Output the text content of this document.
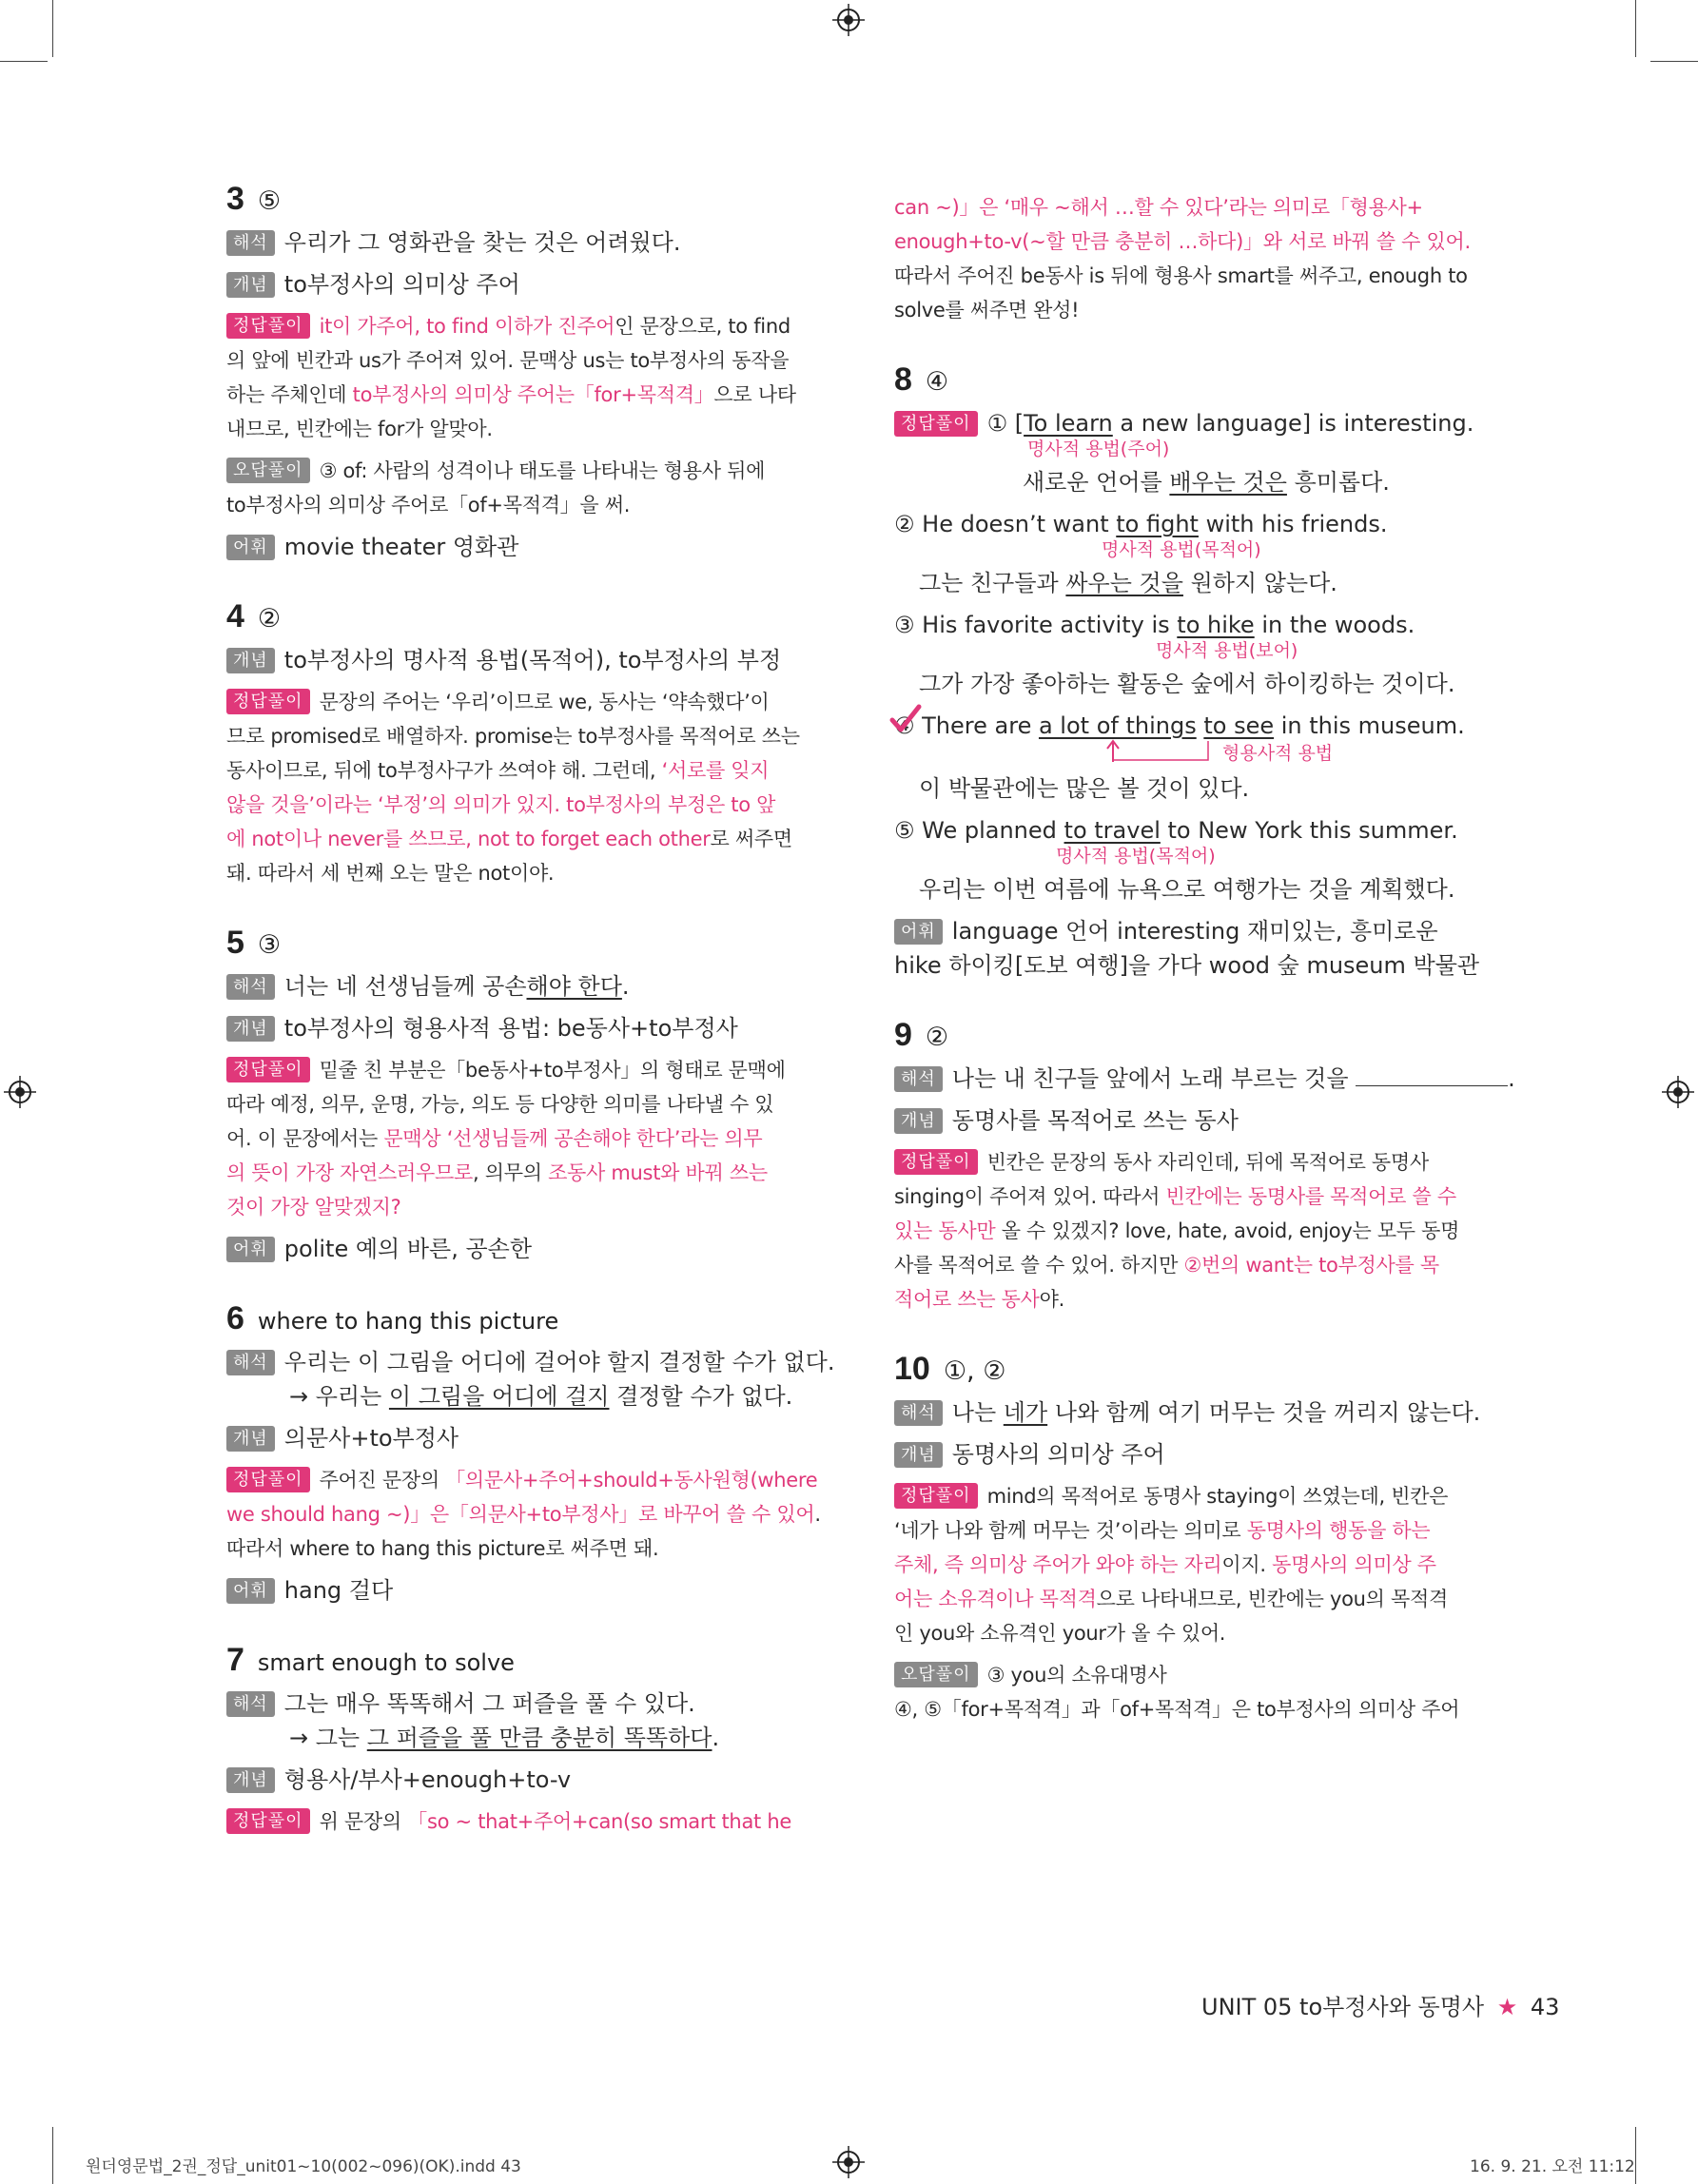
3 ⑤
해석 우리가 그 영화관을 찾는 것은 어려웠다.
개념 to부정사의 의미상 주어
정답풀이 it이 가주어, to find 이하가 진주어인 문장으로, to find
의 앞에 빈칸과 us가 주어져 있어. 문맥상 us는 to부정사의 동작을
하는 주체인데 to부정사의 의미상 주어는「for+목적격」으로 나타
내므로, 빈칸에는 for가 알맞아.
오답풀이 ③ of: 사람의 성격이나 태도를 나타내는 형용사 뒤에
to부정사의 의미상 주어로「of+목적격」을 써.
어휘 movie theater 영화관
4 ②
개념 to부정사의 명사적 용법(목적어), to부정사의 부정
정답풀이 문장의 주어는 ‘우리’이므로 we, 동사는 ‘약속했다’이
므로 promised로 배열하자. promise는 to부정사를 목적어로 쓰는
동사이므로, 뒤에 to부정사구가 쓰여야 해. 그런데, ‘서로를 잊지
않을 것을’이라는 ‘부정’의 의미가 있지. to부정사의 부정은 to 앞
에 not이나 never를 쓰므로, not to forget each other로 써주면
돼. 따라서 세 번째 오는 말은 not이야.
5 ③
해석 너는 네 선생님들께 공손해야 한다.
개념 to부정사의 형용사적 용법: be동사+to부정사
정답풀이 밑줄 친 부분은「be동사+to부정사」의 형태로 문맥에
따라 예정, 의무, 운명, 가능, 의도 등 다양한 의미를 나타낼 수 있
어. 이 문장에서는 문맥상 ‘선생님들께 공손해야 한다’라는 의무
의 뜻이 가장 자연스러우므로, 의무의 조동사 must와 바꿔 쓰는
것이 가장 알맞겠지?
어휘 polite 예의 바른, 공손한
6 where to hang this picture
해석 우리는 이 그림을 어디에 걸어야 할지 결정할 수가 없다.
→ 우리는 이 그림을 어디에 걸지 결정할 수가 없다.
개념 의문사+to부정사
정답풀이 주어진 문장의 「의문사+주어+should+동사원형(where
we should hang ~)」은「의문사+to부정사」로 바꾸어 쓸 수 있어.
따라서 where to hang this picture로 써주면 돼.
어휘 hang 걸다
7 smart enough to solve
해석 그는 매우 똑똑해서 그 퍼즐을 풀 수 있다.
→ 그는 그 퍼즐을 풀 만큼 충분히 똑똑하다.
개념 형용사/부사+enough+to-v
정답풀이 위 문장의 「so ~ that+주어+can(so smart that he
can ~)」은 ‘매우 ~해서 …할 수 있다’라는 의미로「형용사+
enough+to-v(~할 만큼 충분히 …하다)」와 서로 바꿔 쓸 수 있어.
따라서 주어진 be동사 is 뒤에 형용사 smart를 써주고, enough to
solve를 써주면 완성!
8 ④
정답풀이 ① [To learn a new language] is interesting.
명사적 용법(주어)
새로운 언어를 배우는 것은 흥미롭다.
② He doesn’t want to fight with his friends.
명사적 용법(목적어)
그는 친구들과 싸우는 것을 원하지 않는다.
③ His favorite activity is to hike in the woods.
명사적 용법(보어)
그가 가장 좋아하는 활동은 숲에서 하이킹하는 것이다.
④ There are a lot of things to see in this museum.
형용사적 용법
이 박물관에는 많은 볼 것이 있다.
⑤ We planned to travel to New York this summer.
명사적 용법(목적어)
우리는 이번 여름에 뉴욕으로 여행가는 것을 계획했다.
어휘 language 언어 interesting 재미있는, 흥미로운
hike 하이킹[도보 여행]을 가다 wood 숲 museum 박물관
9 ②
해석 나는 내 친구들 앞에서 노래 부르는 것을	.
개념 동명사를 목적어로 쓰는 동사
정답풀이 빈칸은 문장의 동사 자리인데, 뒤에 목적어로 동명사
singing이 주어져 있어. 따라서 빈칸에는 동명사를 목적어로 쓸 수
있는 동사만 올 수 있겠지? love, hate, avoid, enjoy는 모두 동명
사를 목적어로 쓸 수 있어. 하지만 ②번의 want는 to부정사를 목
적어로 쓰는 동사야.
10 ①, ②
해석 나는 네가 나와 함께 여기 머무는 것을 꺼리지 않는다.
개념 동명사의 의미상 주어
정답풀이 mind의 목적어로 동명사 staying이 쓰였는데, 빈칸은
‘네가 나와 함께 머무는 것’이라는 의미로 동명사의 행동을 하는
주체, 즉 의미상 주어가 와야 하는 자리이지. 동명사의 의미상 주
어는 소유격이나 목적격으로 나타내므로, 빈칸에는 you의 목적격
인 you와 소유격인 your가 올 수 있어.
오답풀이 ③ you의 소유대명사
④, ⑤「for+목적격」과「of+목적격」은 to부정사의 의미상 주어
UNIT 05 to부정사와 동명사 ★ 43
원더영문법_2권_정답_unit01~10(002~096)(OK).indd 43	16. 9. 21. 오전 11:12
